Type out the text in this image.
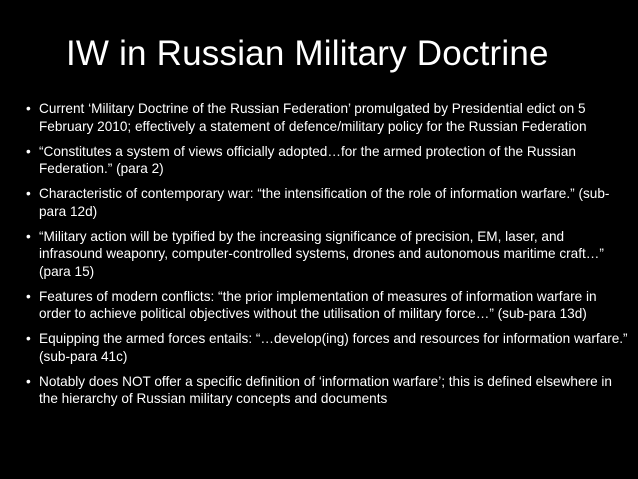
IW in Russian Military Doctrine
• Current ‘Military Doctrine of the Russian Federation’ promulgated by Presidential edict on 5 February 2010; effectively a statement of defence/military policy for the Russian Federation
• “Constitutes a system of views officially adopted…for the armed protection of the Russian Federation.” (para 2)
• Characteristic of contemporary war: “the intensification of the role of information warfare.” (sub-para 12d)
• “Military action will be typified by the increasing significance of precision, EM, laser, and infrasound weaponry, computer-controlled systems, drones and autonomous maritime craft…” (para 15)
• Features of modern conflicts: “the prior implementation of measures of information warfare in order to achieve political objectives without the utilisation of military force…” (sub-para 13d)
• Equipping the armed forces entails: “…develop(ing) forces and resources for information warfare.” (sub-para 41c)
• Notably does NOT offer a specific definition of ‘information warfare’; this is defined elsewhere in the hierarchy of Russian military concepts and documents
